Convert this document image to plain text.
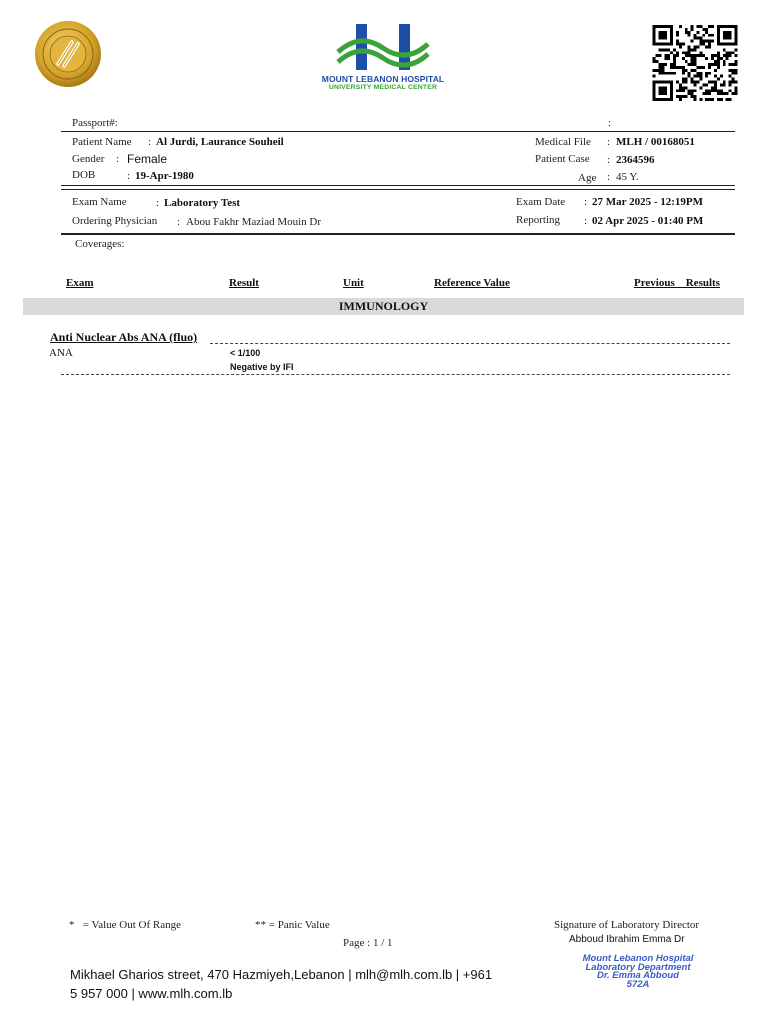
MOUNT LEBANON HOSPITAL
UNIVERSITY MEDICAL CENTER
Passport#:	:
Patient Name : Al Jurdi, Laurance Souheil	Medical File : MLH / 00168051
Gender : Female	Patient Case : 2364596
DOB	: 19-Apr-1980	Age : 45 Y.
Exam Name	: Laboratory Test	Exam Date : 27 Mar 2025 - 12:19PM
Ordering Physician : Abou Fakhr Maziad Mouin Dr	Reporting : 02 Apr 2025 - 01:40 PM
Coverages:
Exam	Result	Unit	Reference Value	Previous    Results
IMMUNOLOGY
Anti Nuclear Abs ANA (fluo)
ANA	< 1/100
Negative by IFI
*   = Value Out Of Range	** = Panic Value	Signature of Laboratory Director
Abboud Ibrahim Emma Dr
Page : 1 / 1
Mikhael Gharios street, 470 Hazmiyeh,Lebanon | mlh@mlh.com.lb | +961
5 957 000 | www.mlh.com.lb
Mount Lebanon Hospital
Laboratory Department
Dr. Emma Abboud
572A
